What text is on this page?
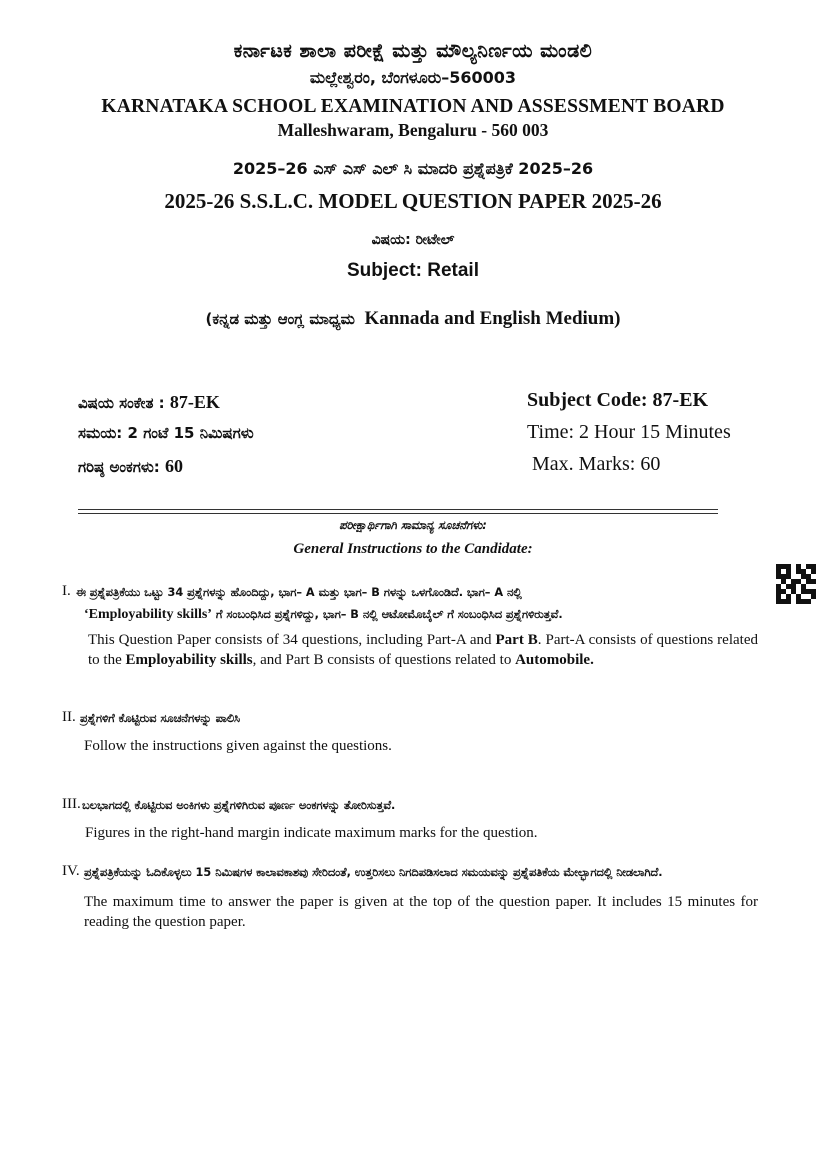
ಕರ್ನಾಟಕ ಶಾಲಾ ಪರೀಕ್ಷೆ ಮತ್ತು ಮೌಲ್ಯನಿರ್ಣಯ ಮಂಡಲಿ
ಮಲ್ಲೇಶ್ವರಂ, ಬೆಂಗಳೂರು–560003
KARNATAKA SCHOOL EXAMINATION AND ASSESSMENT BOARD
Malleshwaram, Bengaluru - 560 003
2025–26 ಎಸ್ ಎಸ್ ಎಲ್ ಸಿ ಮಾದರಿ ಪ್ರಶ್ನೆಪತ್ರಿಕೆ 2025–26
2025-26 S.S.L.C. MODEL QUESTION PAPER 2025-26
ವಿಷಯ: ರೀಟೇಲ್
Subject: Retail
(ಕನ್ನಡ ಮತ್ತು ಆಂಗ್ಲ ಮಾಧ್ಯಮ Kannada and English Medium)
ವಿಷಯ ಸಂಕೇತ : 87-EK	Subject Code: 87-EK
ಸಮಯ: 2 ಗಂಟೆ 15 ನಿಮಿಷಗಳು	Time: 2 Hour 15 Minutes
ಗರಿಷ್ಠ ಅಂಕಗಳು: 60	Max. Marks: 60
ಪರೀಕ್ಷಾರ್ಥಿಗಾಗಿ ಸಾಮಾನ್ಯ ಸೂಚನೆಗಳು:
General Instructions to the Candidate:
I. ಈ ಪ್ರಶ್ನೆಪತ್ರಿಕೆಯು ಒಟ್ಟು 34 ಪ್ರಶ್ನೆಗಳನ್ನು ಹೊಂದಿದ್ದು, ಭಾಗ– A ಮತ್ತು ಭಾಗ– B ಗಳನ್ನು ಒಳಗೊಂಡಿದೆ. ಭಾಗ– A ನಲ್ಲಿ
‘Employability skills’ ಗೆ ಸಂಬಂಧಿಸಿದ ಪ್ರಶ್ನೆಗಳಿದ್ದು, ಭಾಗ– B ನಲ್ಲಿ ಆಟೋಮೊಬೈಲ್ ಗೆ ಸಂಬಂಧಿಸಿದ ಪ್ರಶ್ನೆಗಳಿರುತ್ತವೆ.
This Question Paper consists of 34 questions, including Part-A and Part B. Part-A consists of questions related to the Employability skills, and Part B consists of questions related to Automobile.
II. ಪ್ರಶ್ನೆಗಳಿಗೆ ಕೊಟ್ಟಿರುವ ಸೂಚನೆಗಳನ್ನು ಪಾಲಿಸಿ
Follow the instructions given against the questions.
III. ಬಲಭಾಗದಲ್ಲಿ ಕೊಟ್ಟಿರುವ ಅಂಕಿಗಳು ಪ್ರಶ್ನೆಗಳಿಗಿರುವ ಪೂರ್ಣ ಅಂಕಗಳನ್ನು ತೋರಿಸುತ್ತವೆ.
Figures in the right-hand margin indicate maximum marks for the question.
IV. ಪ್ರಶ್ನೆಪತ್ರಿಕೆಯನ್ನು ಓದಿಕೊಳ್ಳಲು 15 ನಿಮಿಷಗಳ ಕಾಲಾವಕಾಶವು ಸೇರಿದಂತೆ, ಉತ್ತರಿಸಲು ನಿಗದಿಪಡಿಸಲಾದ ಸಮಯವನ್ನು ಪ್ರಶ್ನೆಪತಿಕೆಯ ಮೇಲ್ಭಾಗದಲ್ಲಿ ನೀಡಲಾಗಿದೆ.
The maximum time to answer the paper is given at the top of the question paper. It includes 15 minutes for reading the question paper.
